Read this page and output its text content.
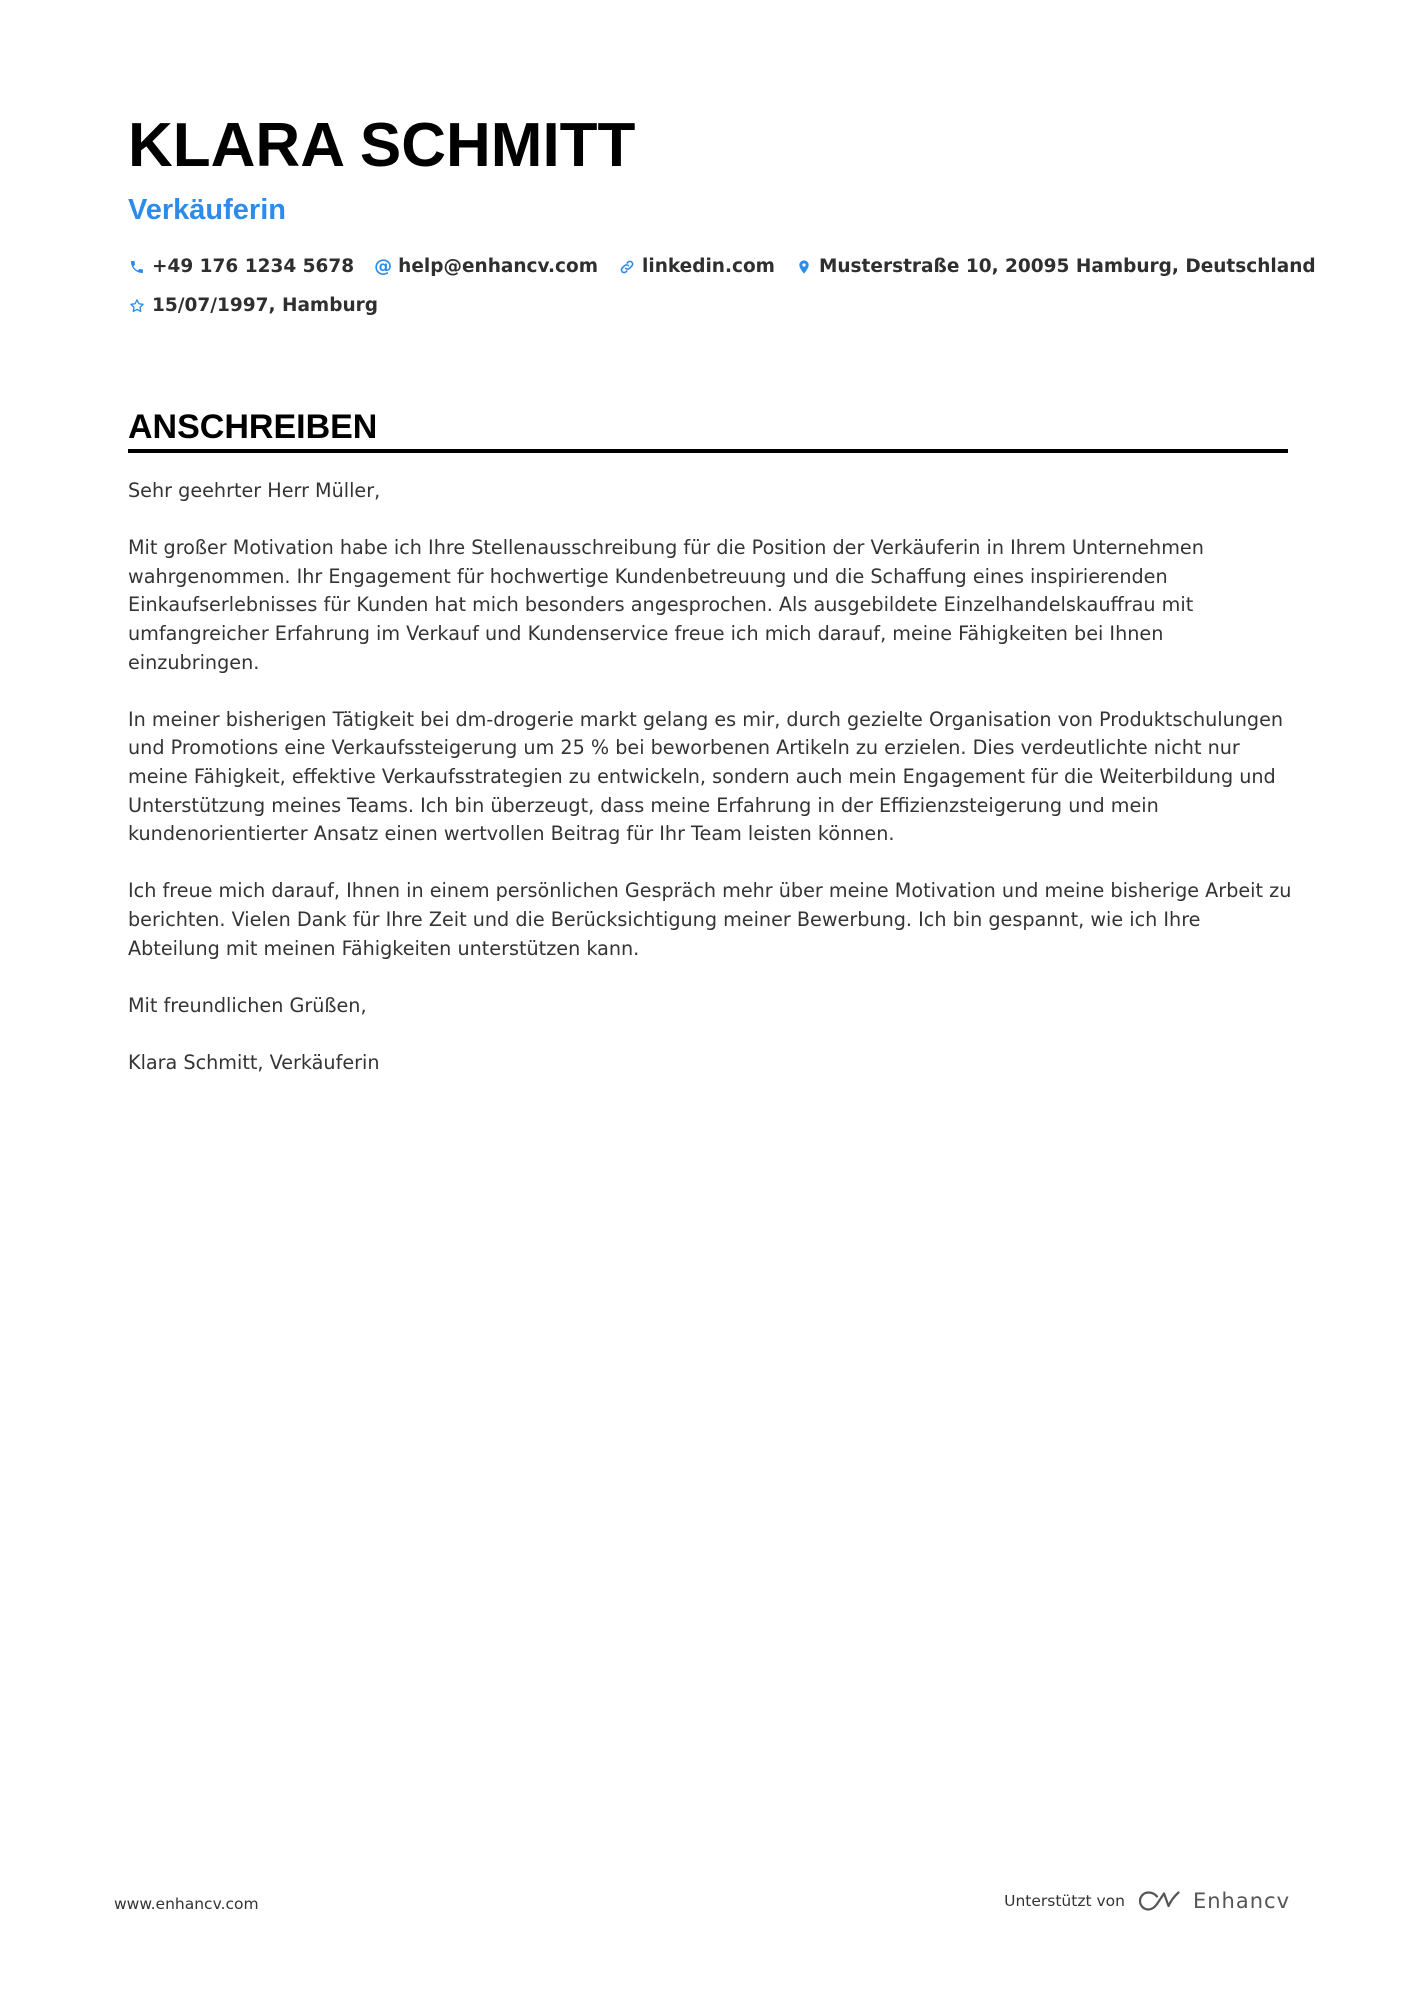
KLARA SCHMITT
Verkäuferin
+49 176 1234 5678 @ help@enhancv.com linkedin.com Musterstraße 10, 20095 Hamburg, Deutschland
15/07/1997, Hamburg
ANSCHREIBEN

Sehr geehrter Herr Müller,

Mit großer Motivation habe ich Ihre Stellenausschreibung für die Position der Verkäuferin in Ihrem Unternehmen wahrgenommen. Ihr Engagement für hochwertige Kundenbetreuung und die Schaffung eines inspirierenden Einkaufserlebnisses für Kunden hat mich besonders angesprochen. Als ausgebildete Einzelhandelskauffrau mit umfangreicher Erfahrung im Verkauf und Kundenservice freue ich mich darauf, meine Fähigkeiten bei Ihnen einzubringen.

In meiner bisherigen Tätigkeit bei dm-drogerie markt gelang es mir, durch gezielte Organisation von Produktschulungen und Promotions eine Verkaufssteigerung um 25 % bei beworbenen Artikeln zu erzielen. Dies verdeutlichte nicht nur meine Fähigkeit, effektive Verkaufsstrategien zu entwickeln, sondern auch mein Engagement für die Weiterbildung und Unterstützung meines Teams. Ich bin überzeugt, dass meine Erfahrung in der Effizienzsteigerung und mein kundenorientierter Ansatz einen wertvollen Beitrag für Ihr Team leisten können.

Ich freue mich darauf, Ihnen in einem persönlichen Gespräch mehr über meine Motivation und meine bisherige Arbeit zu berichten. Vielen Dank für Ihre Zeit und die Berücksichtigung meiner Bewerbung. Ich bin gespannt, wie ich Ihre Abteilung mit meinen Fähigkeiten unterstützen kann.

Mit freundlichen Grüßen,

Klara Schmitt, Verkäuferin

www.enhancv.com	Unterstützt von	Enhancv
